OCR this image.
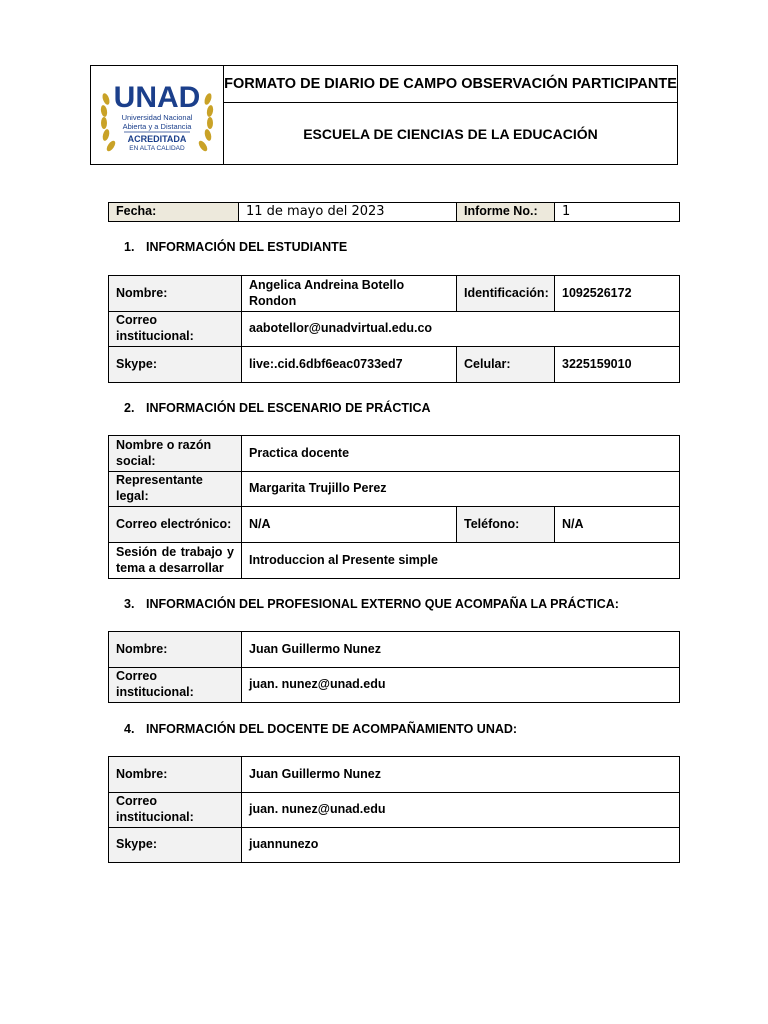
UNAD
Universidad Nacional
Abierta y a Distancia
ACREDITADA
EN ALTA CALIDAD
FORMATO DE DIARIO DE CAMPO OBSERVACIÓN PARTICIPANTE
ESCUELA DE CIENCIAS DE LA EDUCACIÓN
Fecha:	11 de mayo del 2023	Informe No.:	1
1. INFORMACIÓN DEL ESTUDIANTE
Nombre:	Angelica Andreina Botello Rondon	Identificación:	1092526172
Correo institucional:	aabotellor@unadvirtual.edu.co		
Skype:	live:.cid.6dbf6eac0733ed7	Celular:	3225159010
2. INFORMACIÓN DEL ESCENARIO DE PRÁCTICA
Nombre o razón social:	Practica docente		
Representante legal:	Margarita Trujillo Perez		
Correo electrónico:	N/A	Teléfono:	N/A
Sesión de trabajo y tema a desarrollar	Introduccion al Presente simple		
3. INFORMACIÓN DEL PROFESIONAL EXTERNO QUE ACOMPAÑA LA PRÁCTICA:
Nombre:	Juan Guillermo Nunez
Correo institucional:	juan. nunez@unad.edu
4. INFORMACIÓN DEL DOCENTE DE ACOMPAÑAMIENTO UNAD:
Nombre:	Juan Guillermo Nunez
Correo institucional:	juan. nunez@unad.edu
Skype:	juannunezo
